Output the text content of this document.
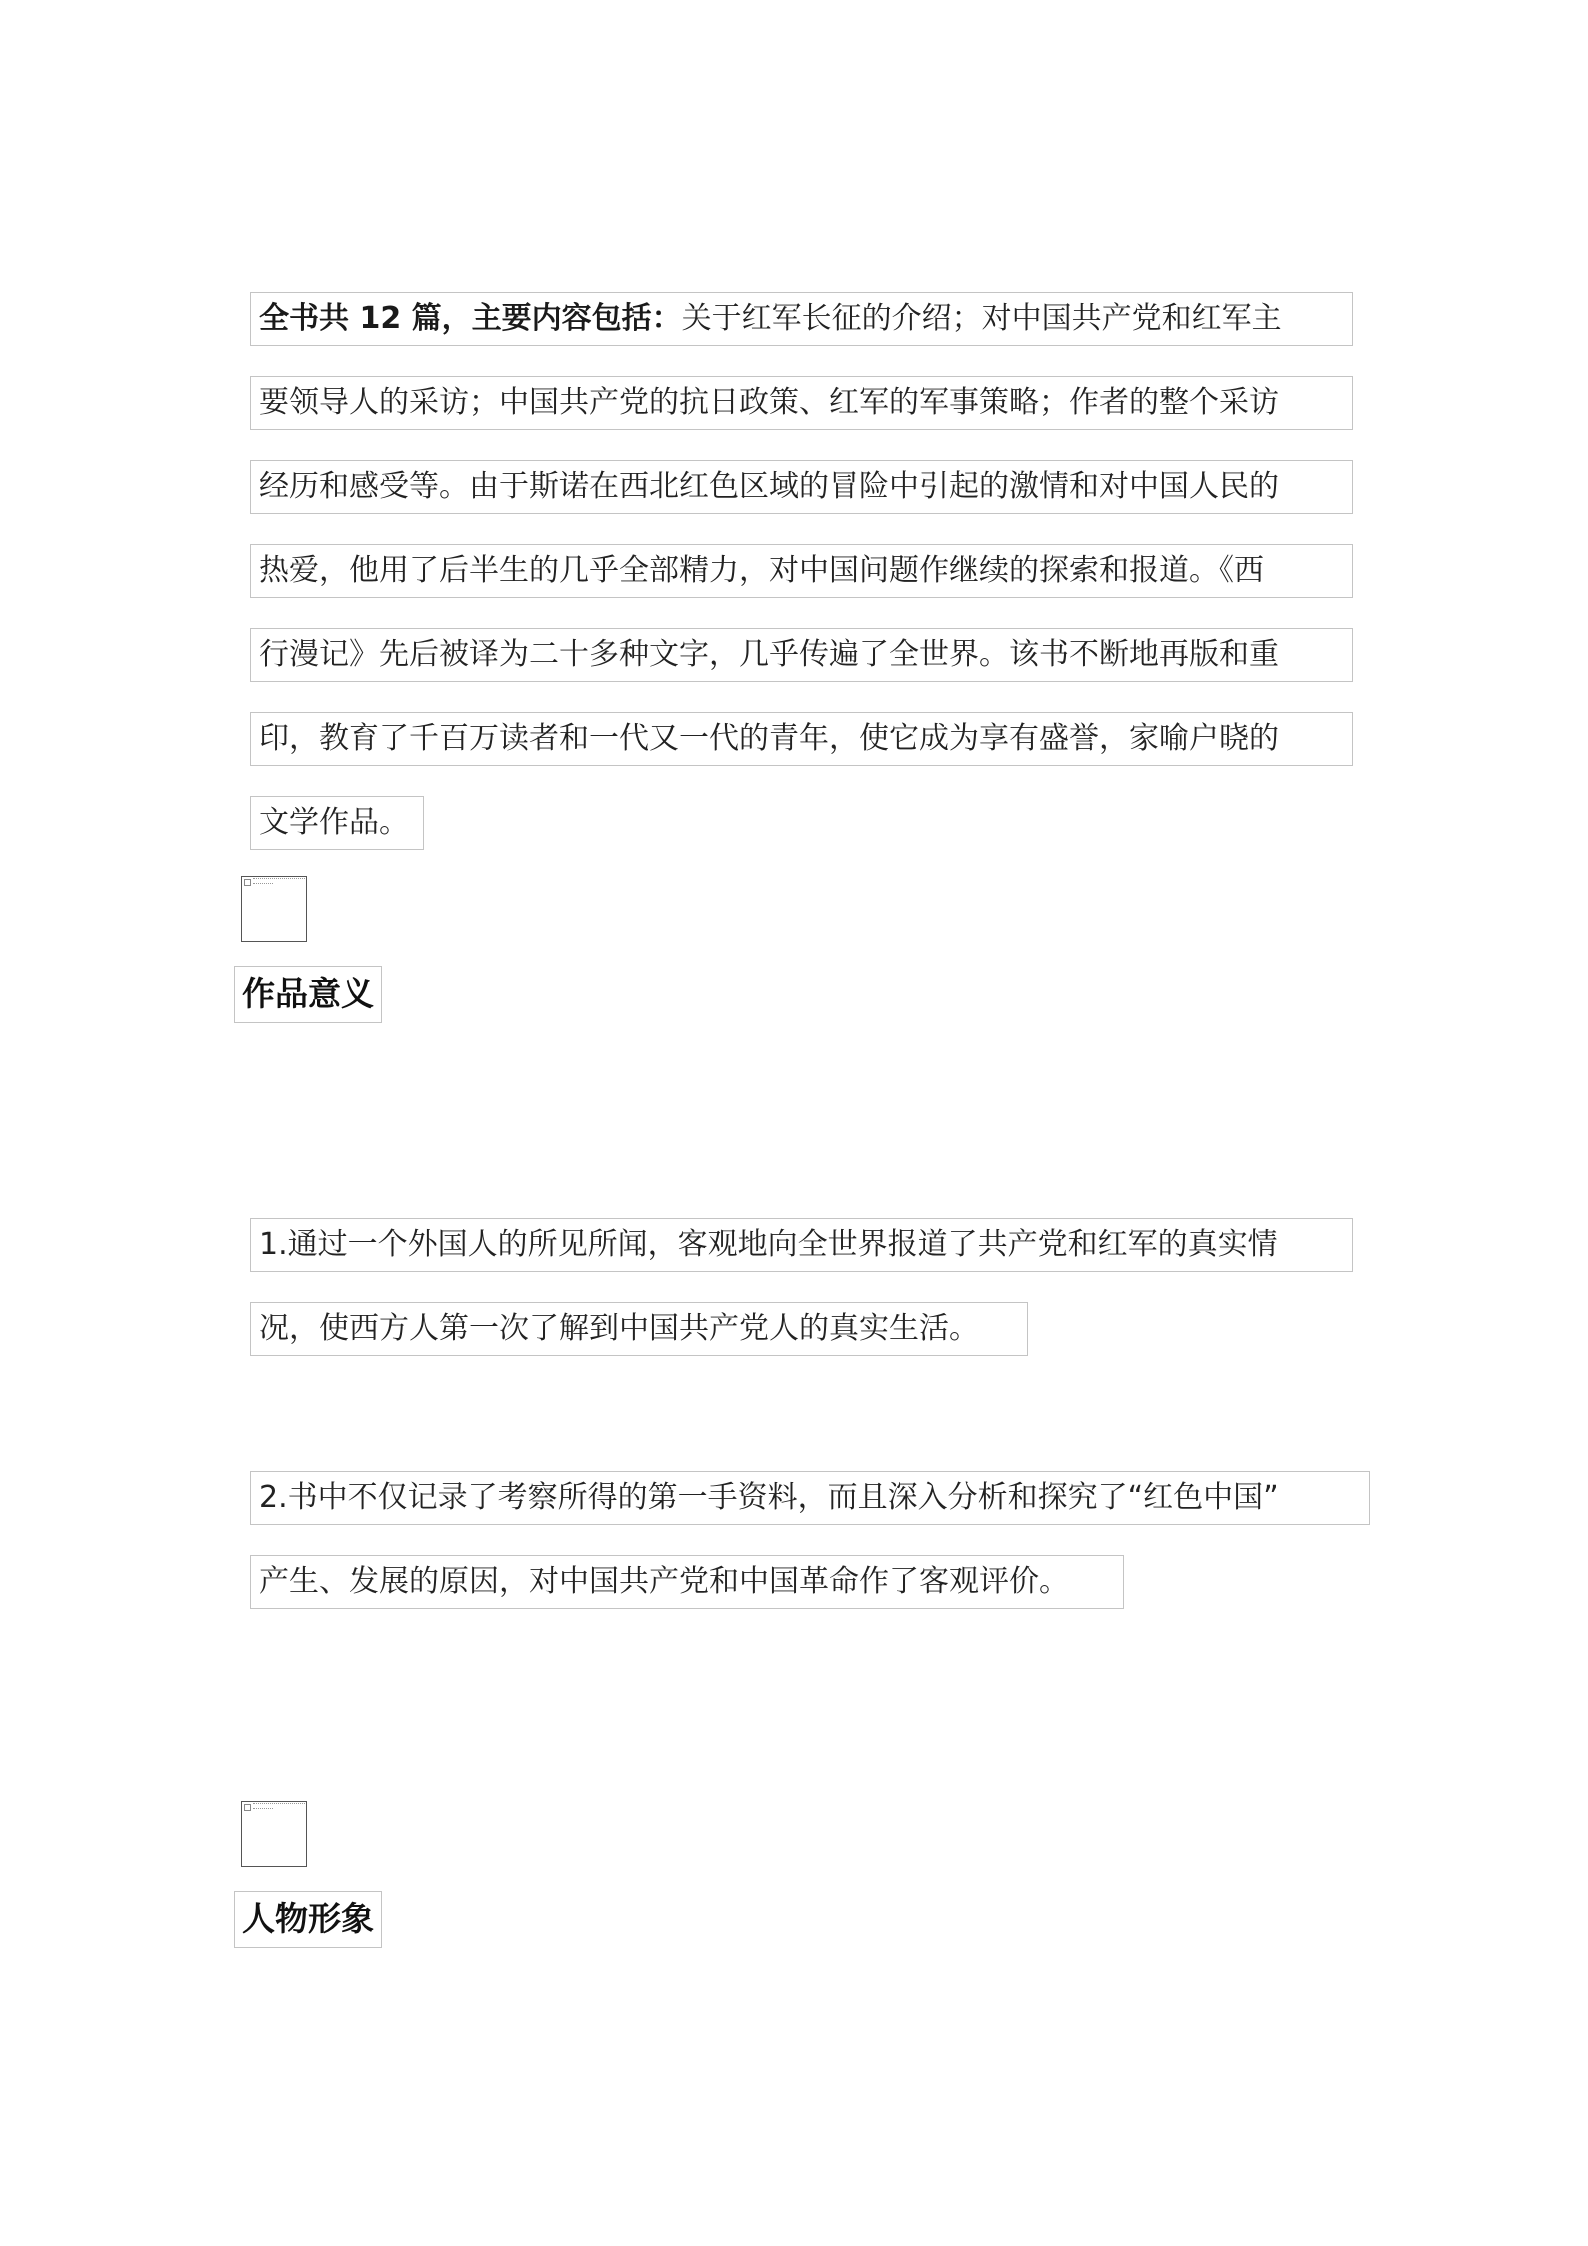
全书共 12 篇，主要内容包括：关于红军长征的介绍；对中国共产党和红军主
要领导人的采访；中国共产党的抗日政策、红军的军事策略；作者的整个采访
经历和感受等。由于斯诺在西北红色区域的冒险中引起的激情和对中国人民的
热爱，他用了后半生的几乎全部精力，对中国问题作继续的探索和报道。《西
行漫记》先后被译为二十多种文字，几乎传遍了全世界。该书不断地再版和重
印，教育了千百万读者和一代又一代的青年，使它成为享有盛誉，家喻户晓的
文学作品。
作品意义
1.通过一个外国人的所见所闻，客观地向全世界报道了共产党和红军的真实情
况，使西方人第一次了解到中国共产党人的真实生活。
2.书中不仅记录了考察所得的第一手资料，而且深入分析和探究了“红色中国”
产生、发展的原因，对中国共产党和中国革命作了客观评价。
人物形象
